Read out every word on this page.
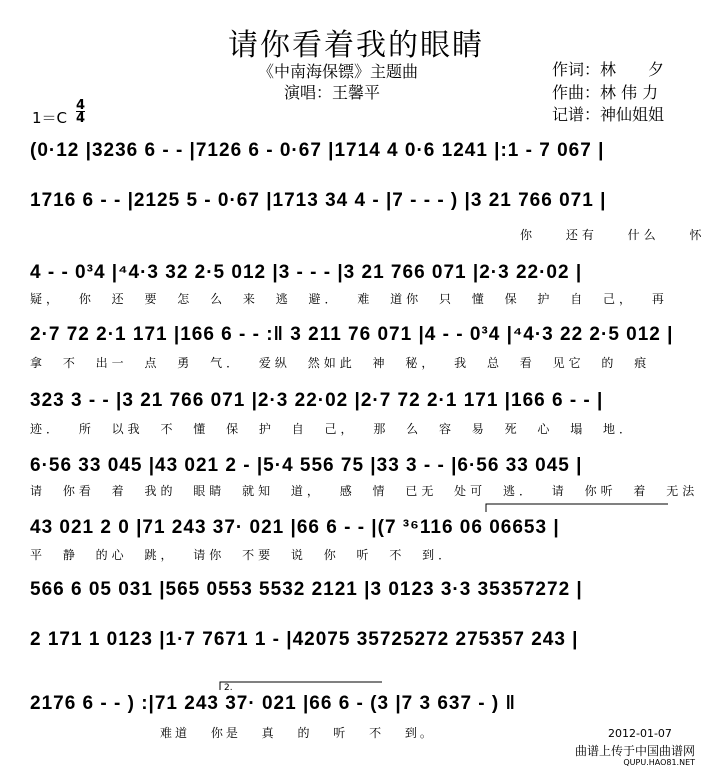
请你看着我的眼睛
《中南海保镖》主题曲
演唱：王馨平
作词：林　　夕
作曲：林 伟 力
记谱：神仙姐姐
1＝C
4
4
(0·12 |3236 6 - - |7126 6 - 0·67 |1714 4 0·6 1241 |:1 - 7 067 |
1716 6 - - |2125 5 - 0·67 |1713 34 4 - |7 - - - ) |3 21 766 071 |
你 还有 什么 怀
4 - - 0³4 |⁴4·3 32 2·5 012 |3 - - - |3 21 766 071 |2·3 22·02 |
疑， 你 还 要 怎 么 来 逃 避． 难 道你 只 懂 保 护 自 己， 再
2·7 72 2·1 171 |166 6 - - :‖ 3 211 76 071 |4 - - 0³4 |⁴4·3 22 2·5 012 |
拿 不 出一 点 勇 气． 爱纵 然如此 神 秘， 我 总 看 见它 的 痕
323 3 - - |3 21 766 071 |2·3 22·02 |2·7 72 2·1 171 |166 6 - - |
迹． 所 以我 不 懂 保 护 自 己， 那 么 容 易 死 心 塌 地．
6·56 33 045 |43 021 2 - |5·4 556 75 |33 3 - - |6·56 33 045 |
请 你看 着 我的 眼睛 就知 道， 感 情 已无 处可 逃． 请 你听 着 无法
43 021 2 0 |71 243 37· 021 |66 6 - - |(7 ³⁶116 06 06653 |
平 静 的心 跳， 请你 不要 说 你 听 不 到．
566 6 05 031 |565 0553 5532 2121 |3 0123 3·3 35357272 |
2 171 1 0123 |1·7 7671 1 - |42075 35725272 275357 243 |
2176 6 - - ) :|71 243 37· 021 |66 6 - (3 |7 3 637 - ) ‖
难道 你是 真 的 听 不 到。
2.
2012-01-07
曲谱上传于中国曲谱网
QUPU.HAO81.NET
